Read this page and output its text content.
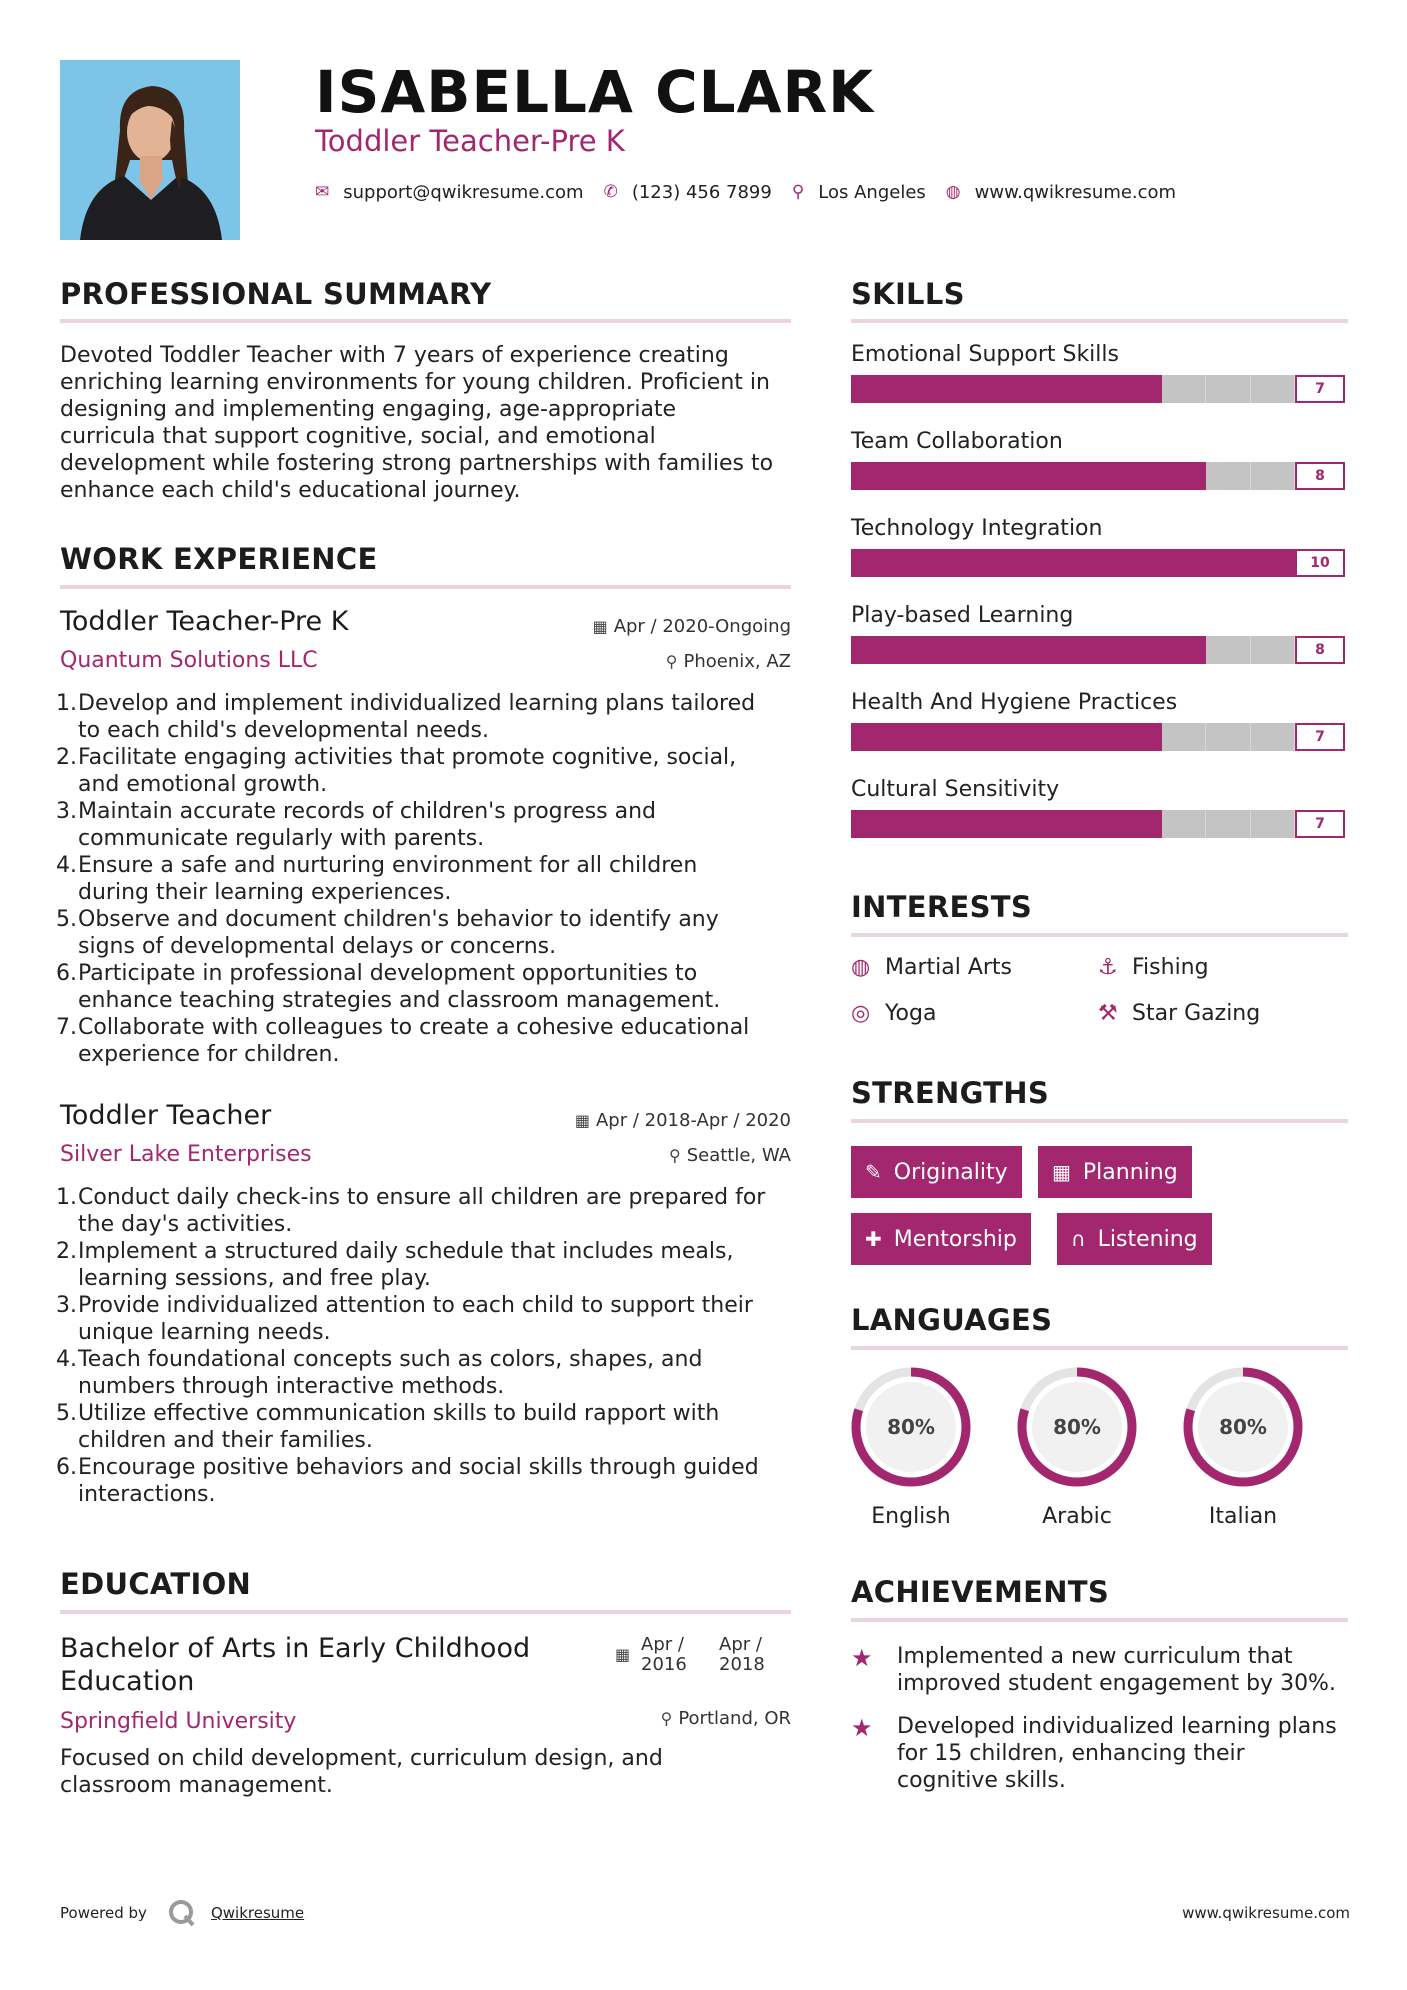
ISABELLA CLARK
Toddler Teacher-Pre K
✉ support@qwikresume.com ✆ (123) 456 7899 ⚲ Los Angeles ◍ www.qwikresume.com
PROFESSIONAL SUMMARY
Devoted Toddler Teacher with 7 years of experience creating
enriching learning environments for young children. Proficient in
designing and implementing engaging, age-appropriate
curricula that support cognitive, social, and emotional
development while fostering strong partnerships with families to
enhance each child's educational journey.
WORK EXPERIENCE
Toddler Teacher-Pre K	▦ Apr / 2020-Ongoing
Quantum Solutions LLC	⚲ Phoenix, AZ
1. Develop and implement individualized learning plans tailored
to each child's developmental needs.
2. Facilitate engaging activities that promote cognitive, social,
and emotional growth.
3. Maintain accurate records of children's progress and
communicate regularly with parents.
4. Ensure a safe and nurturing environment for all children
during their learning experiences.
5. Observe and document children's behavior to identify any
signs of developmental delays or concerns.
6. Participate in professional development opportunities to
enhance teaching strategies and classroom management.
7. Collaborate with colleagues to create a cohesive educational
experience for children.
Toddler Teacher	▦ Apr / 2018-Apr / 2020
Silver Lake Enterprises	⚲ Seattle, WA
1. Conduct daily check-ins to ensure all children are prepared for
the day's activities.
2. Implement a structured daily schedule that includes meals,
learning sessions, and free play.
3. Provide individualized attention to each child to support their
unique learning needs.
4. Teach foundational concepts such as colors, shapes, and
numbers through interactive methods.
5. Utilize effective communication skills to build rapport with
children and their families.
6. Encourage positive behaviors and social skills through guided
interactions.
EDUCATION
Bachelor of Arts in Early Childhood
Education
▦ Apr /
2016
Apr /
2018
Springfield University	⚲ Portland, OR
Focused on child development, curriculum design, and
classroom management.
SKILLS
Emotional Support Skills
7
Team Collaboration
8
Technology Integration
10
Play-based Learning
8
Health And Hygiene Practices
7
Cultural Sensitivity
7
INTERESTS
◍ Martial Arts	⚓ Fishing
◎ Yoga	⚒ Star Gazing
STRENGTHS
✎ Originality ▦ Planning
✚ Mentorship	∩ Listening
LANGUAGES
80%
English
80%
Arabic
80%
Italian
ACHIEVEMENTS
★	Implemented a new curriculum that
improved student engagement by 30%.
★	Developed individualized learning plans
for 15 children, enhancing their
cognitive skills.
Powered by	Qwikresume	www.qwikresume.com
